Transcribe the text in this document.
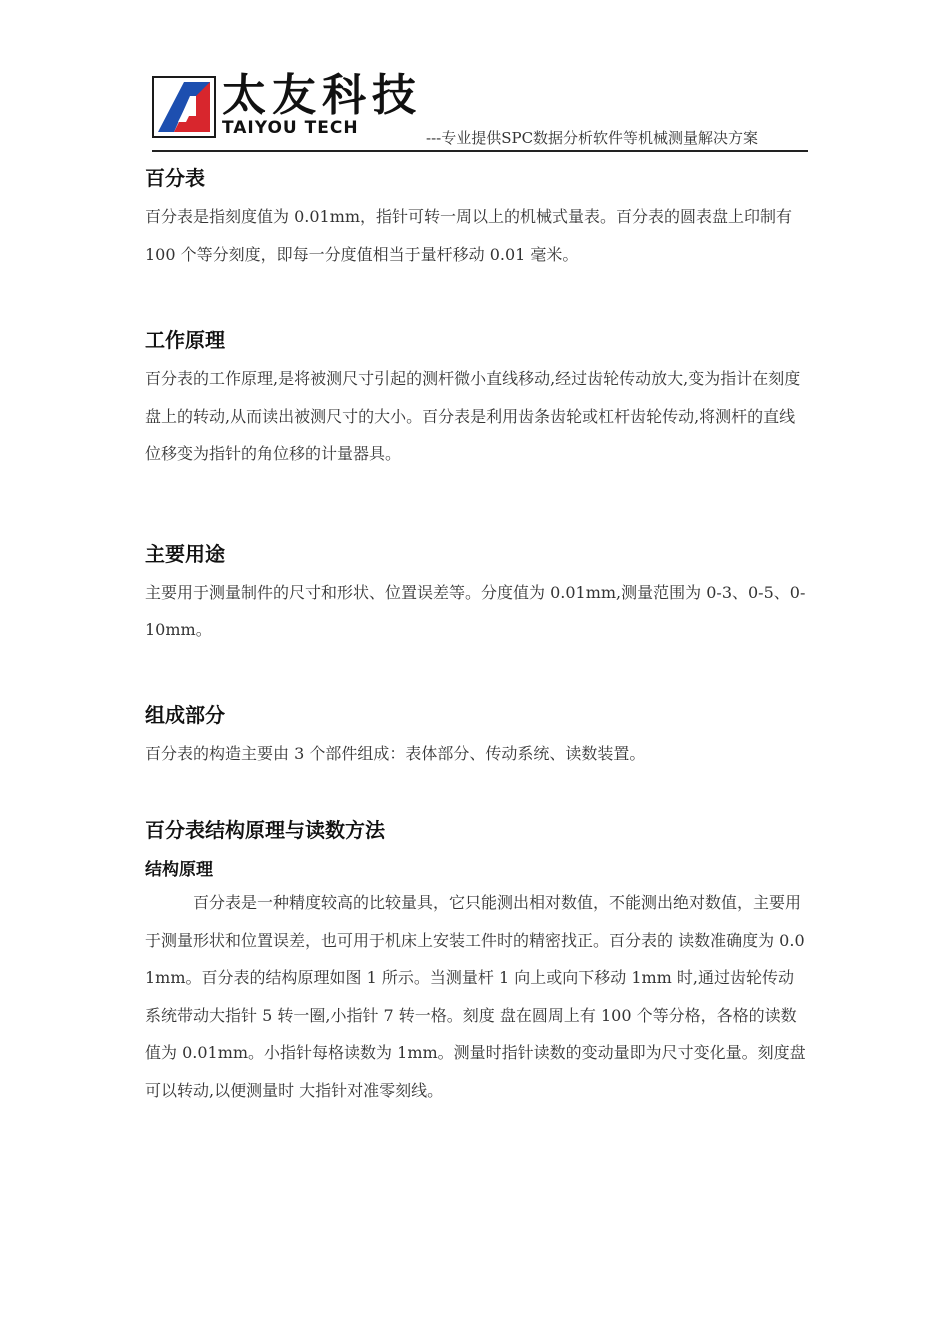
太友科技
TAIYOU TECH	---专业提供SPC数据分析软件等机械测量解决方案
百分表

百分表是指刻度值为 0.01mm，指针可转一周以上的机械式量表。百分表的圆表盘上印制有 100 个等分刻度，即每一分度值相当于量杆移动 0.01 毫米。

工作原理

百分表的工作原理,是将被测尺寸引起的测杆微小直线移动,经过齿轮传动放大,变为指计在刻度盘上的转动,从而读出被测尺寸的大小。百分表是利用齿条齿轮或杠杆齿轮传动,将测杆的直线位移变为指针的角位移的计量器具。

主要用途

主要用于测量制件的尺寸和形状、位置误差等。分度值为 0.01mm,测量范围为 0-3、0-5、0-10mm。

组成部分

百分表的构造主要由 3 个部件组成：表体部分、传动系统、读数装置。

百分表结构原理与读数方法
结构原理

百分表是一种精度较高的比较量具，它只能测出相对数值，不能测出绝对数值，主要用于测量形状和位置误差，也可用于机床上安装工件时的精密找正。百分表的 读数准确度为 0.01mm。百分表的结构原理如图 1 所示。当测量杆 1 向上或向下移动 1mm 时,通过齿轮传动系统带动大指针 5 转一圈,小指针 7 转一格。刻度 盘在圆周上有 100 个等分格，各格的读数值为 0.01mm。小指针每格读数为 1mm。测量时指针读数的变动量即为尺寸变化量。刻度盘可以转动,以便测量时 大指针对准零刻线。
